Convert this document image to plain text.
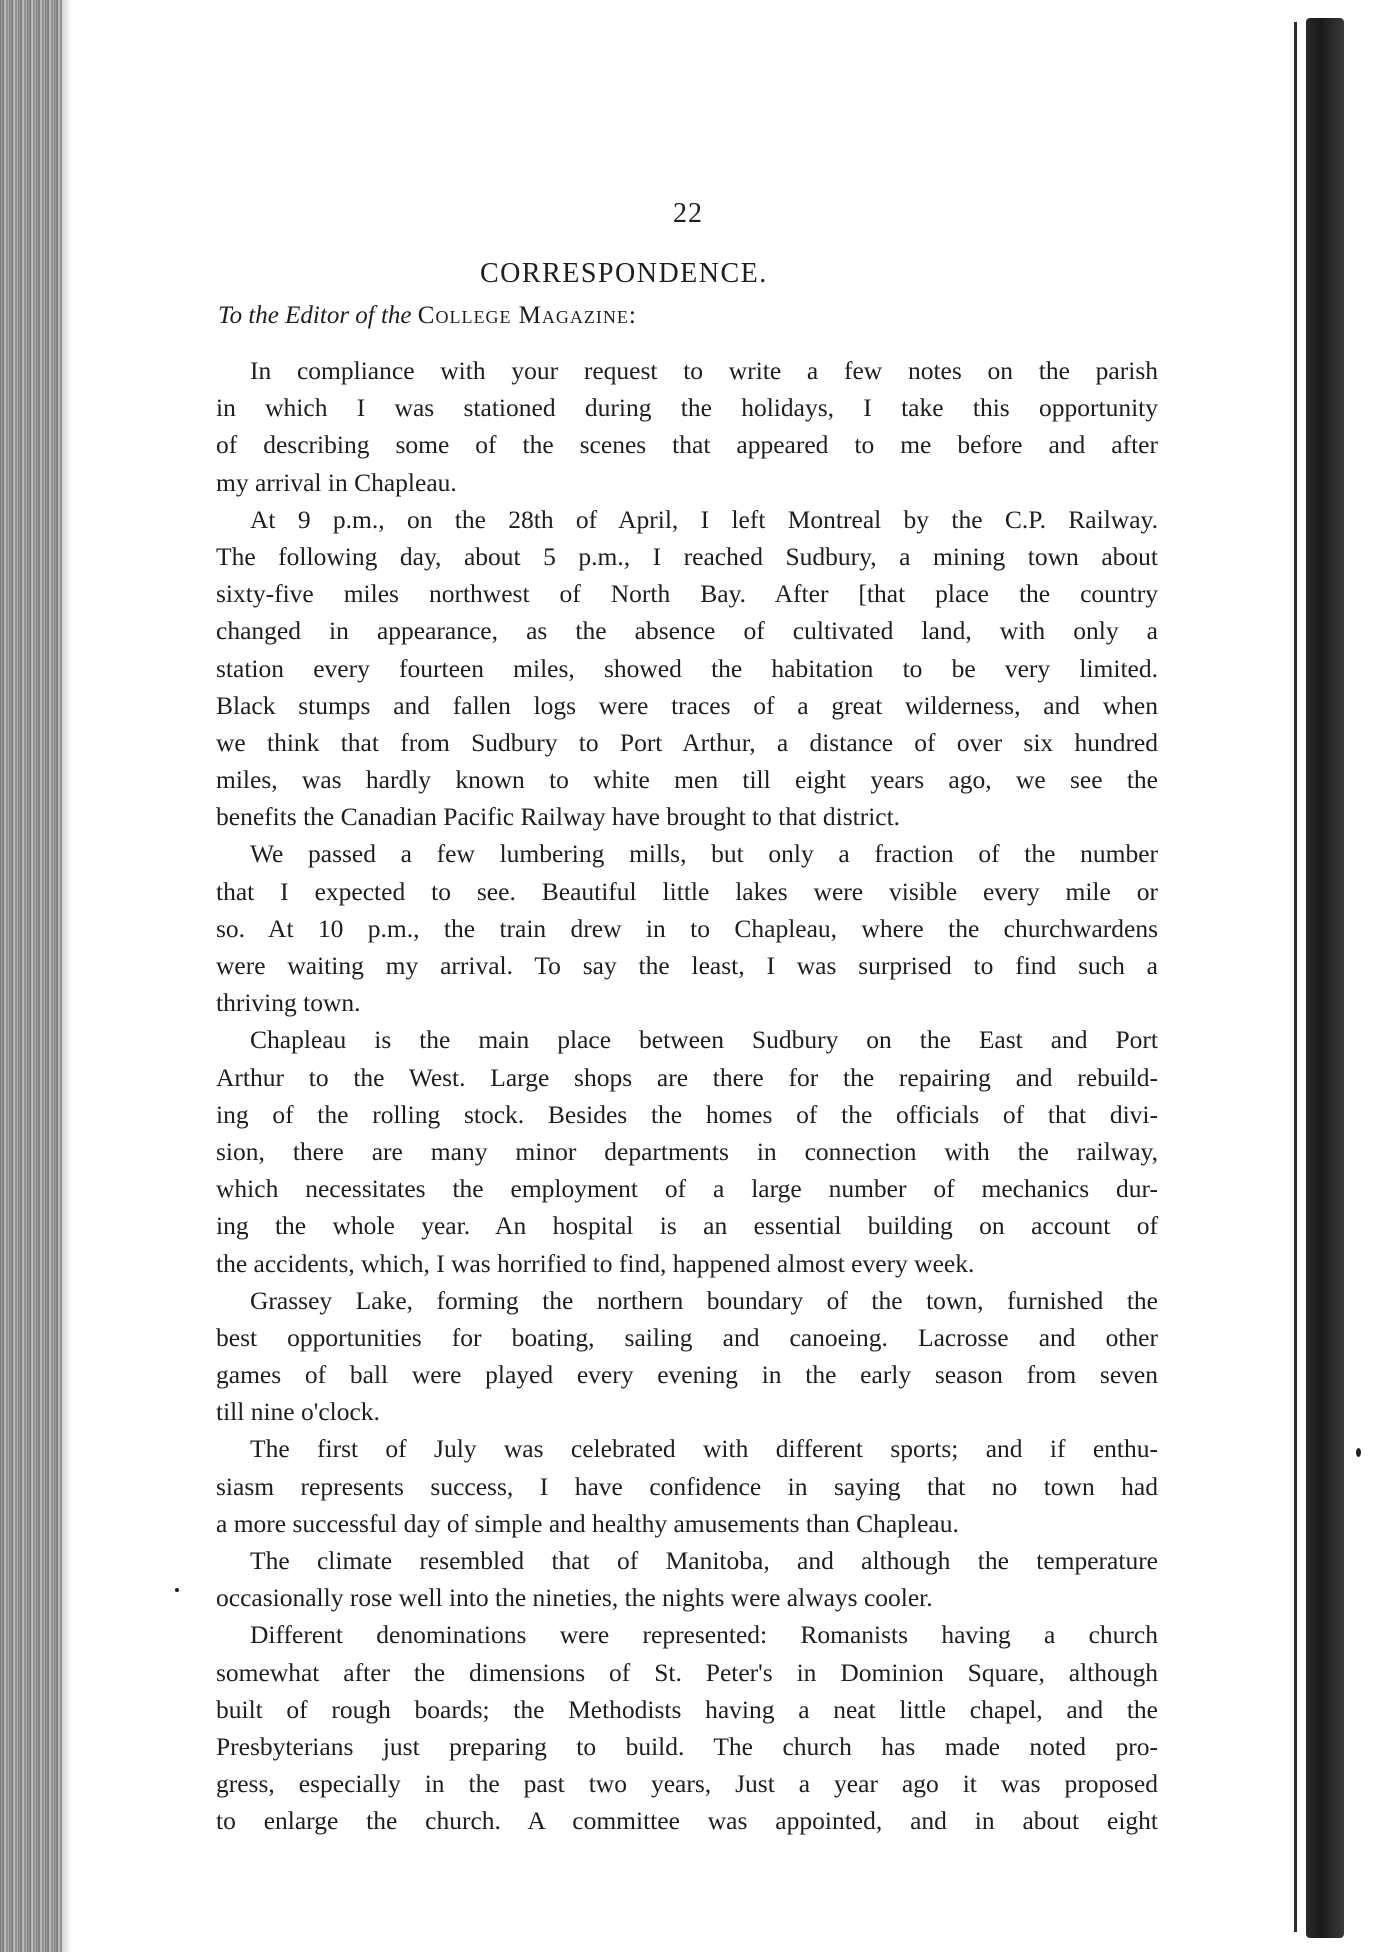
22
CORRESPONDENCE.
To the Editor of the College Magazine:
In compliance with your request to write a few notes on the parish
in which I was stationed during the holidays, I take this opportunity
of describing some of the scenes that appeared to me before and after
my arrival in Chapleau.
At 9 p.m., on the 28th of April, I left Montreal by the C.P. Railway.
The following day, about 5 p.m., I reached Sudbury, a mining town about
sixty-five miles northwest of North Bay. After [that place the country
changed in appearance, as the absence of cultivated land, with only a
station every fourteen miles, showed the habitation to be very limited.
Black stumps and fallen logs were traces of a great wilderness, and when
we think that from Sudbury to Port Arthur, a distance of over six hundred
miles, was hardly known to white men till eight years ago, we see the
benefits the Canadian Pacific Railway have brought to that district.
We passed a few lumbering mills, but only a fraction of the number
that I expected to see. Beautiful little lakes were visible every mile or
so. At 10 p.m., the train drew in to Chapleau, where the churchwardens
were waiting my arrival. To say the least, I was surprised to find such a
thriving town.
Chapleau is the main place between Sudbury on the East and Port
Arthur to the West. Large shops are there for the repairing and rebuild-
ing of the rolling stock. Besides the homes of the officials of that divi-
sion, there are many minor departments in connection with the railway,
which necessitates the employment of a large number of mechanics dur-
ing the whole year. An hospital is an essential building on account of
the accidents, which, I was horrified to find, happened almost every week.
Grassey Lake, forming the northern boundary of the town, furnished the
best opportunities for boating, sailing and canoeing. Lacrosse and other
games of ball were played every evening in the early season from seven
till nine o'clock.
The first of July was celebrated with different sports; and if enthu-
siasm represents success, I have confidence in saying that no town had
a more successful day of simple and healthy amusements than Chapleau.
The climate resembled that of Manitoba, and although the temperature
occasionally rose well into the nineties, the nights were always cooler.
Different denominations were represented: Romanists having a church
somewhat after the dimensions of St. Peter's in Dominion Square, although
built of rough boards; the Methodists having a neat little chapel, and the
Presbyterians just preparing to build. The church has made noted pro-
gress, especially in the past two years, Just a year ago it was proposed
to enlarge the church. A committee was appointed, and in about eight
